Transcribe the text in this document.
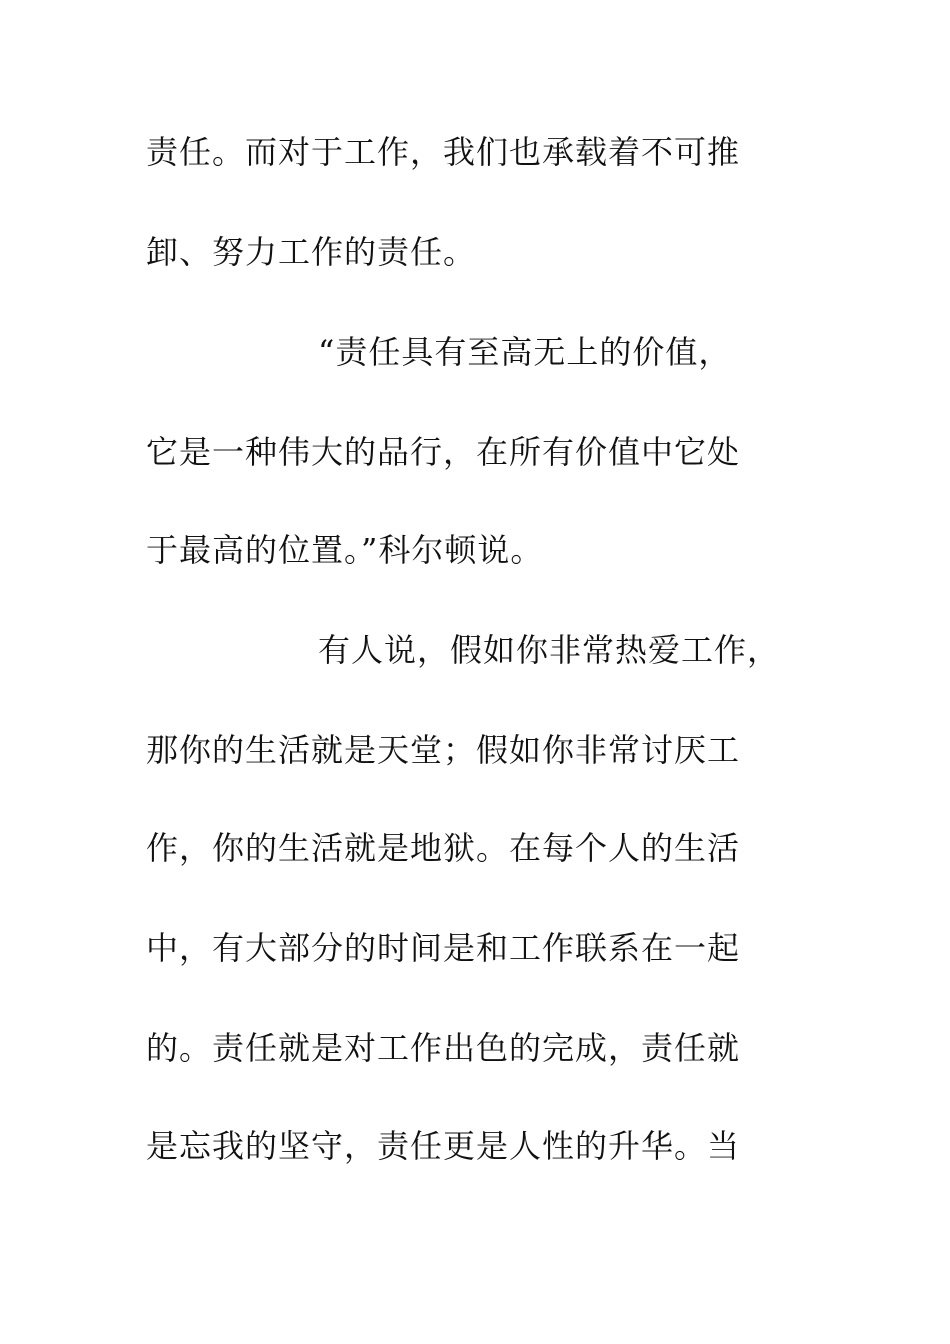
责任。而对于工作，我们也承载着不可推
卸、努力工作的责任。
“责任具有至高无上的价值，
它是一种伟大的品行，在所有价值中它处
于最高的位置。”科尔顿说。
有人说，假如你非常热爱工作，
那你的生活就是天堂；假如你非常讨厌工
作，你的生活就是地狱。在每个人的生活
中，有大部分的时间是和工作联系在一起
的。责任就是对工作出色的完成，责任就
是忘我的坚守，责任更是人性的升华。当
